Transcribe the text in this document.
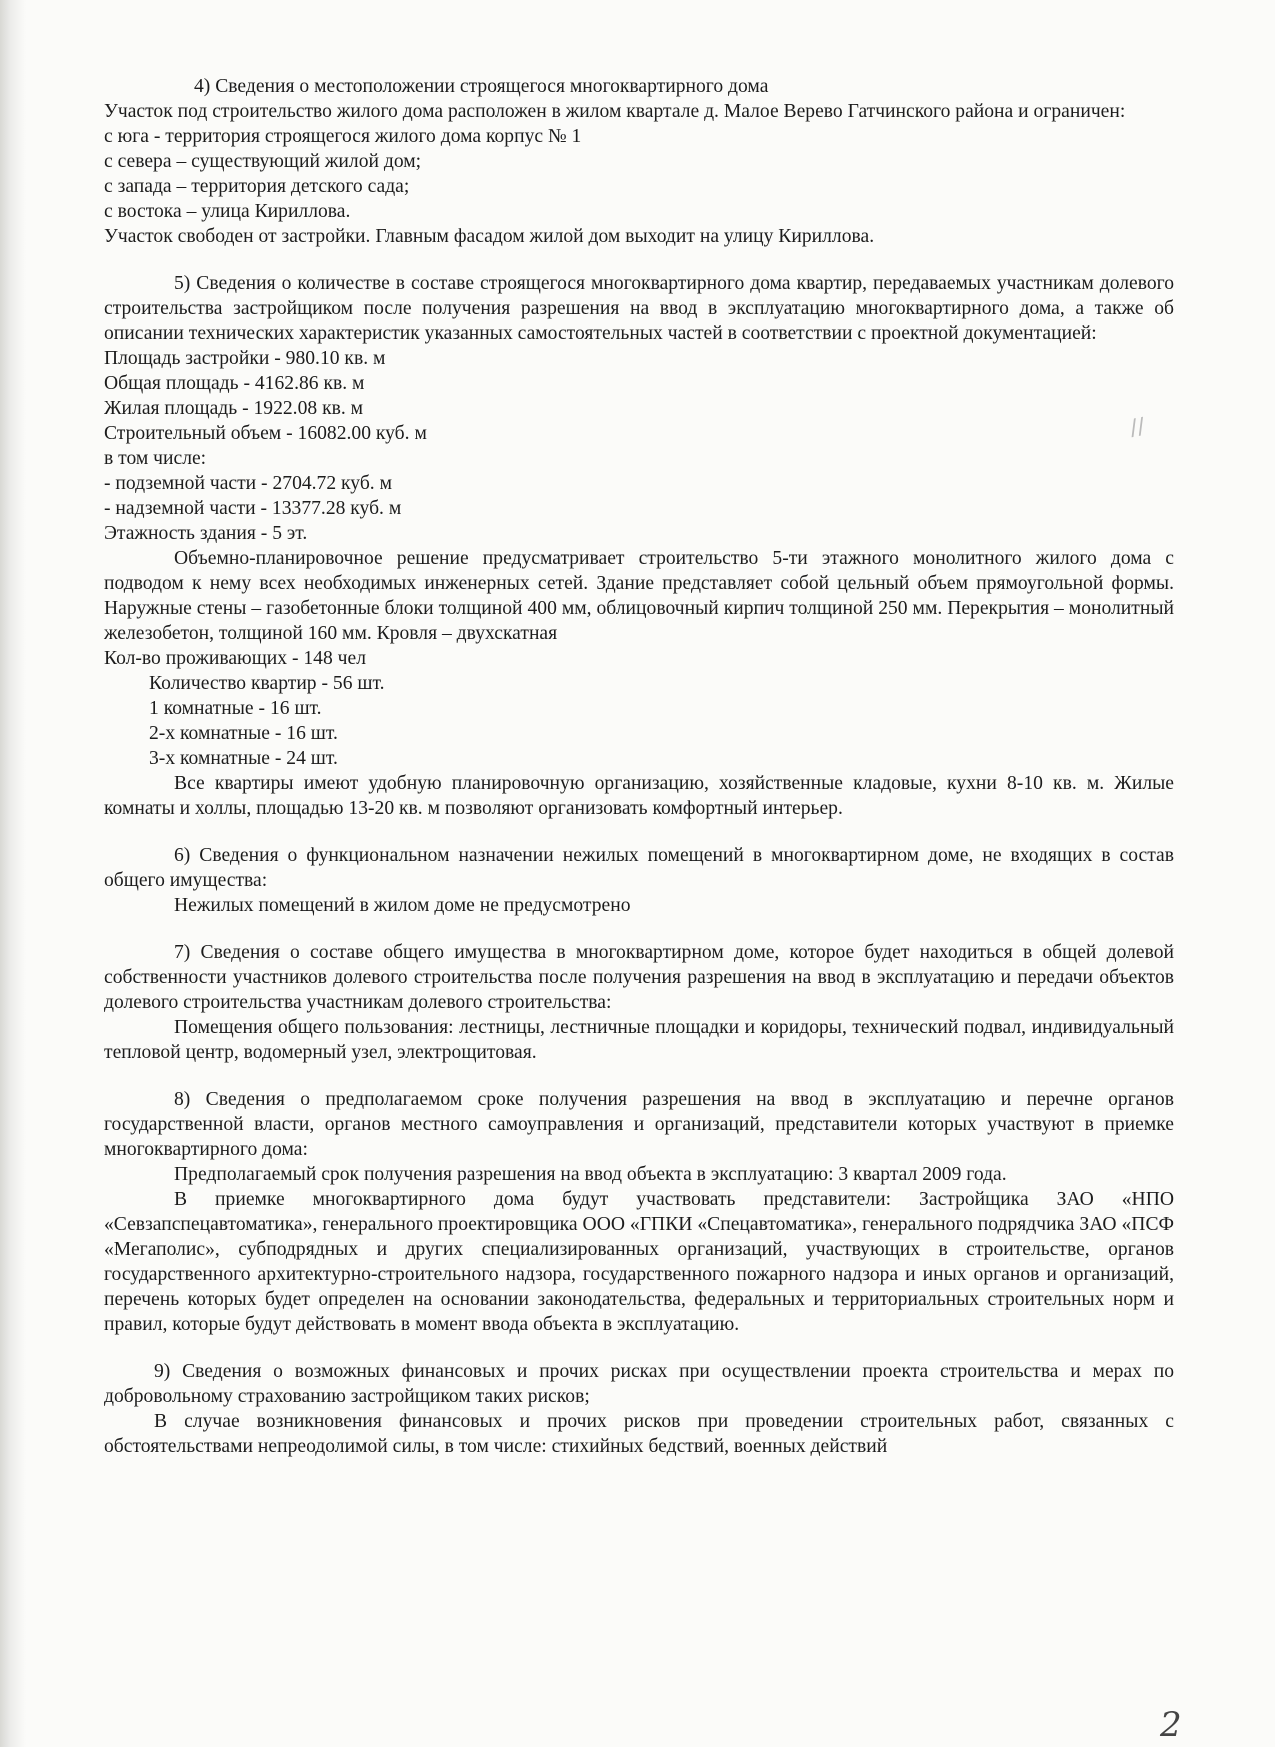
4) Сведения о местоположении строящегося многоквартирного дома

Участок под строительство жилого дома расположен в жилом квартале д. Малое Верево Гатчинского района и ограничен:

с юга - территория строящегося жилого дома корпус № 1

с севера – существующий жилой дом;

с запада – территория детского сада;

с востока – улица Кириллова.

Участок свободен от застройки. Главным фасадом жилой дом выходит на улицу Кириллова.

5) Сведения о количестве в составе строящегося многоквартирного дома квартир, передаваемых участникам долевого строительства застройщиком после получения разрешения на ввод в эксплуатацию многоквартирного дома, а также об описании технических характеристик указанных самостоятельных частей в соответствии с проектной документацией:

Площадь застройки - 980.10 кв. м

Общая площадь - 4162.86 кв. м

Жилая площадь - 1922.08 кв. м

Строительный объем - 16082.00 куб. м

в том числе:

- подземной части - 2704.72 куб. м

- надземной части - 13377.28 куб. м

Этажность здания - 5 эт.

Объемно-планировочное решение предусматривает строительство 5-ти этажного монолитного жилого дома с подводом к нему всех необходимых инженерных сетей. Здание представляет собой цельный объем прямоугольной формы. Наружные стены – газобетонные блоки толщиной 400 мм, облицовочный кирпич толщиной 250 мм. Перекрытия – монолитный железобетон, толщиной 160 мм. Кровля – двухскатная

Кол-во проживающих - 148 чел

Количество квартир - 56 шт.

1 комнатные - 16 шт.

2-х комнатные - 16 шт.

3-х комнатные - 24 шт.

Все квартиры имеют удобную планировочную организацию, хозяйственные кладовые, кухни 8-10 кв. м. Жилые комнаты и холлы, площадью 13-20 кв. м позволяют организовать комфортный интерьер.

6) Сведения о функциональном назначении нежилых помещений в многоквартирном доме, не входящих в состав общего имущества:

Нежилых помещений в жилом доме не предусмотрено

7) Сведения о составе общего имущества в многоквартирном доме, которое будет находиться в общей долевой собственности участников долевого строительства после получения разрешения на ввод в эксплуатацию и передачи объектов долевого строительства участникам долевого строительства:

Помещения общего пользования: лестницы, лестничные площадки и коридоры, технический подвал, индивидуальный тепловой центр, водомерный узел, электрощитовая.

8) Сведения о предполагаемом сроке получения разрешения на ввод в эксплуатацию и перечне органов государственной власти, органов местного самоуправления и организаций, представители которых участвуют в приемке многоквартирного дома:

Предполагаемый срок получения разрешения на ввод объекта в эксплуатацию: 3 квартал 2009 года.

В приемке многоквартирного дома будут участвовать представители: Застройщика ЗАО «НПО «Севзапспецавтоматика», генерального проектировщика ООО «ГПКИ «Спецавтоматика», генерального подрядчика ЗАО «ПСФ «Мегаполис», субподрядных и других специализированных организаций, участвующих в строительстве, органов государственного архитектурно-строительного надзора, государственного пожарного надзора и иных органов и организаций, перечень которых будет определен на основании законодательства, федеральных и территориальных строительных норм и правил, которые будут действовать в момент ввода объекта в эксплуатацию.

9) Сведения о возможных финансовых и прочих рисках при осуществлении проекта строительства и мерах по добровольному страхованию застройщиком таких рисков;

В случае возникновения финансовых и прочих рисков при проведении строительных работ, связанных с обстоятельствами непреодолимой силы, в том числе: стихийных бедствий, военных действий

//
2
